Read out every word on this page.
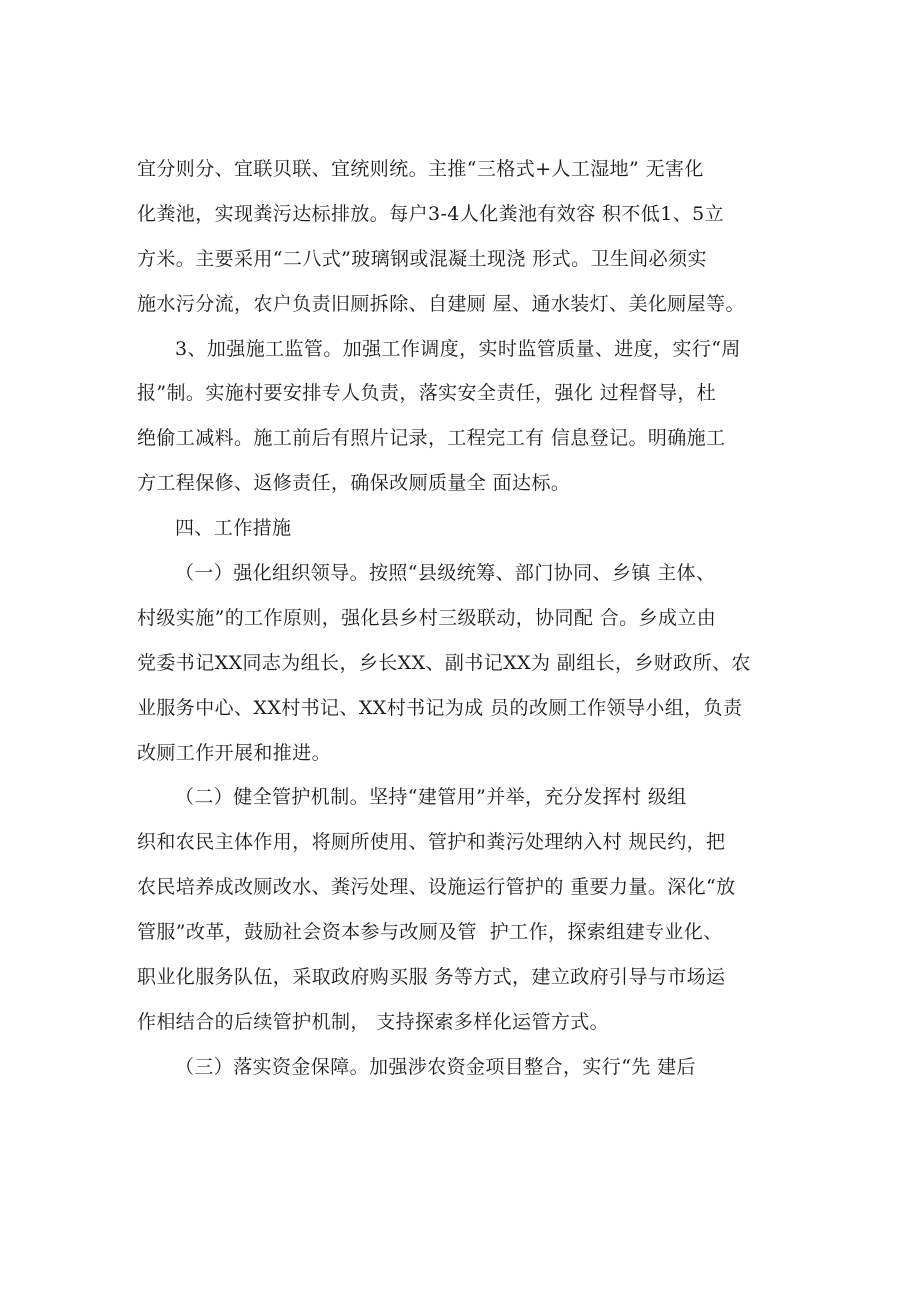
宜分则分、宜联贝联、宜统则统。主推“三格式+人工湿地” 无害化
化粪池，实现粪污达标排放。每户3-4人化粪池有效容 积不低1、5立
方米。主要采用“二八式”玻璃钢或混凝土现浇 形式。卫生间必须实
施水污分流，农户负责旧厕拆除、自建厕 屋、通水装灯、美化厕屋等。
3、加强施工监管。加强工作调度，实时监管质量、进度，实行“周
报”制。实施村要安排专人负责，落实安全责任，强化 过程督导，杜
绝偷工减料。施工前后有照片记录，工程完工有 信息登记。明确施工
方工程保修、返修责任，确保改厕质量全 面达标。
四、工作措施
（一）强化组织领导。按照“县级统筹、部门协同、乡镇 主体、
村级实施”的工作原则，强化县乡村三级联动，协同配 合。乡成立由
党委书记XX同志为组长，乡长XX、副书记XX为 副组长，乡财政所、农
业服务中心、XX村书记、XX村书记为成 员的改厕工作领导小组，负责
改厕工作开展和推进。
（二）健全管护机制。坚持“建管用”并举，充分发挥村 级组
织和农民主体作用，将厕所使用、管护和粪污处理纳入村 规民约，把
农民培养成改厕改水、粪污处理、设施运行管护的 重要力量。深化“放
管服”改革，鼓励社会资本参与改厕及管  护工作，探索组建专业化、
职业化服务队伍，采取政府购买服 务等方式，建立政府引导与市场运
作相结合的后续管护机制， 支持探索多样化运管方式。
（三）落实资金保障。加强涉农资金项目整合，实行“先 建后
